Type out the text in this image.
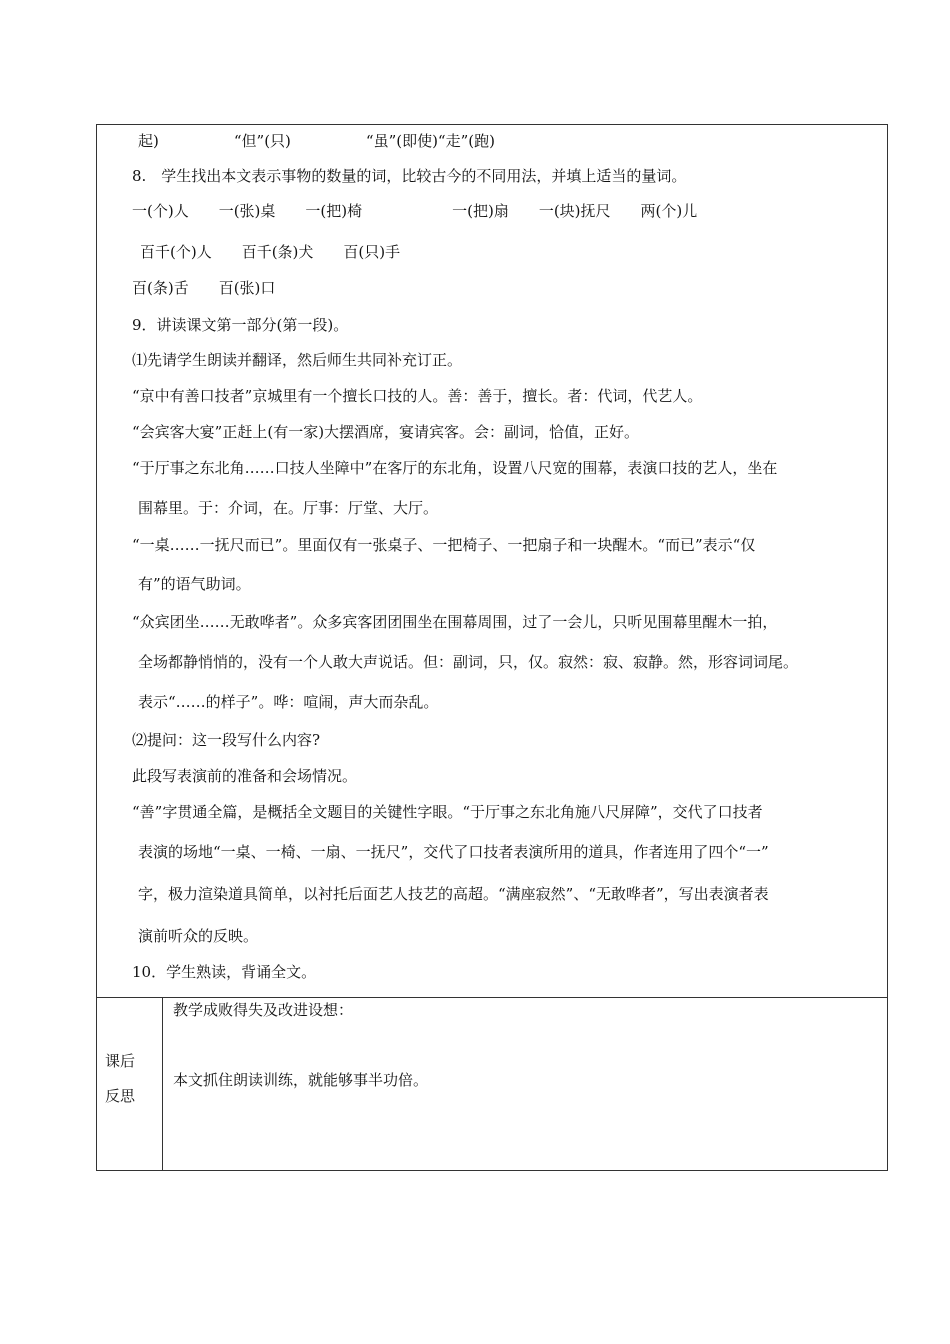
起)　　　　　“但”(只)　　　　　“虽”(即使)“走”(跑)
8.　学生找出本文表示事物的数量的词，比较古今的不同用法，并填上适当的量词。
一(个)人　　一(张)桌　　一(把)椅　　　　　　一(把)扇　　一(块)抚尺　　两(个)儿
百千(个)人　　百千(条)犬　　百(只)手
百(条)舌　　百(张)口
9．讲读课文第一部分(第一段)。
⑴先请学生朗读并翻译，然后师生共同补充订正。
“京中有善口技者”京城里有一个擅长口技的人。善：善于，擅长。者：代词，代艺人。
“会宾客大宴”正赶上(有一家)大摆酒席，宴请宾客。会：副词，恰值，正好。
“于厅事之东北角……口技人坐障中”在客厅的东北角，设置八尺宽的围幕，表演口技的艺人，坐在
围幕里。于：介词，在。厅事：厅堂、大厅。
“一桌……一抚尺而已”。里面仅有一张桌子、一把椅子、一把扇子和一块醒木。“而已”表示“仅
有”的语气助词。
“众宾团坐……无敢哗者”。众多宾客团团围坐在围幕周围，过了一会儿，只听见围幕里醒木一拍，
全场都静悄悄的，没有一个人敢大声说话。但：副词，只，仅。寂然：寂、寂静。然，形容词词尾。
表示“……的样子”。哗：喧闹，声大而杂乱。
⑵提问：这一段写什么内容?
此段写表演前的准备和会场情况。
“善”字贯通全篇，是概括全文题目的关键性字眼。“于厅事之东北角施八尺屏障”，交代了口技者
表演的场地“一桌、一椅、一扇、一抚尺”，交代了口技者表演所用的道具，作者连用了四个“一”
字，极力渲染道具简单，以衬托后面艺人技艺的高超。“满座寂然”、“无敢哗者”，写出表演者表
演前听众的反映。
10．学生熟读，背诵全文。
课后
反思
教学成败得失及改进设想：
本文抓住朗读训练，就能够事半功倍。
